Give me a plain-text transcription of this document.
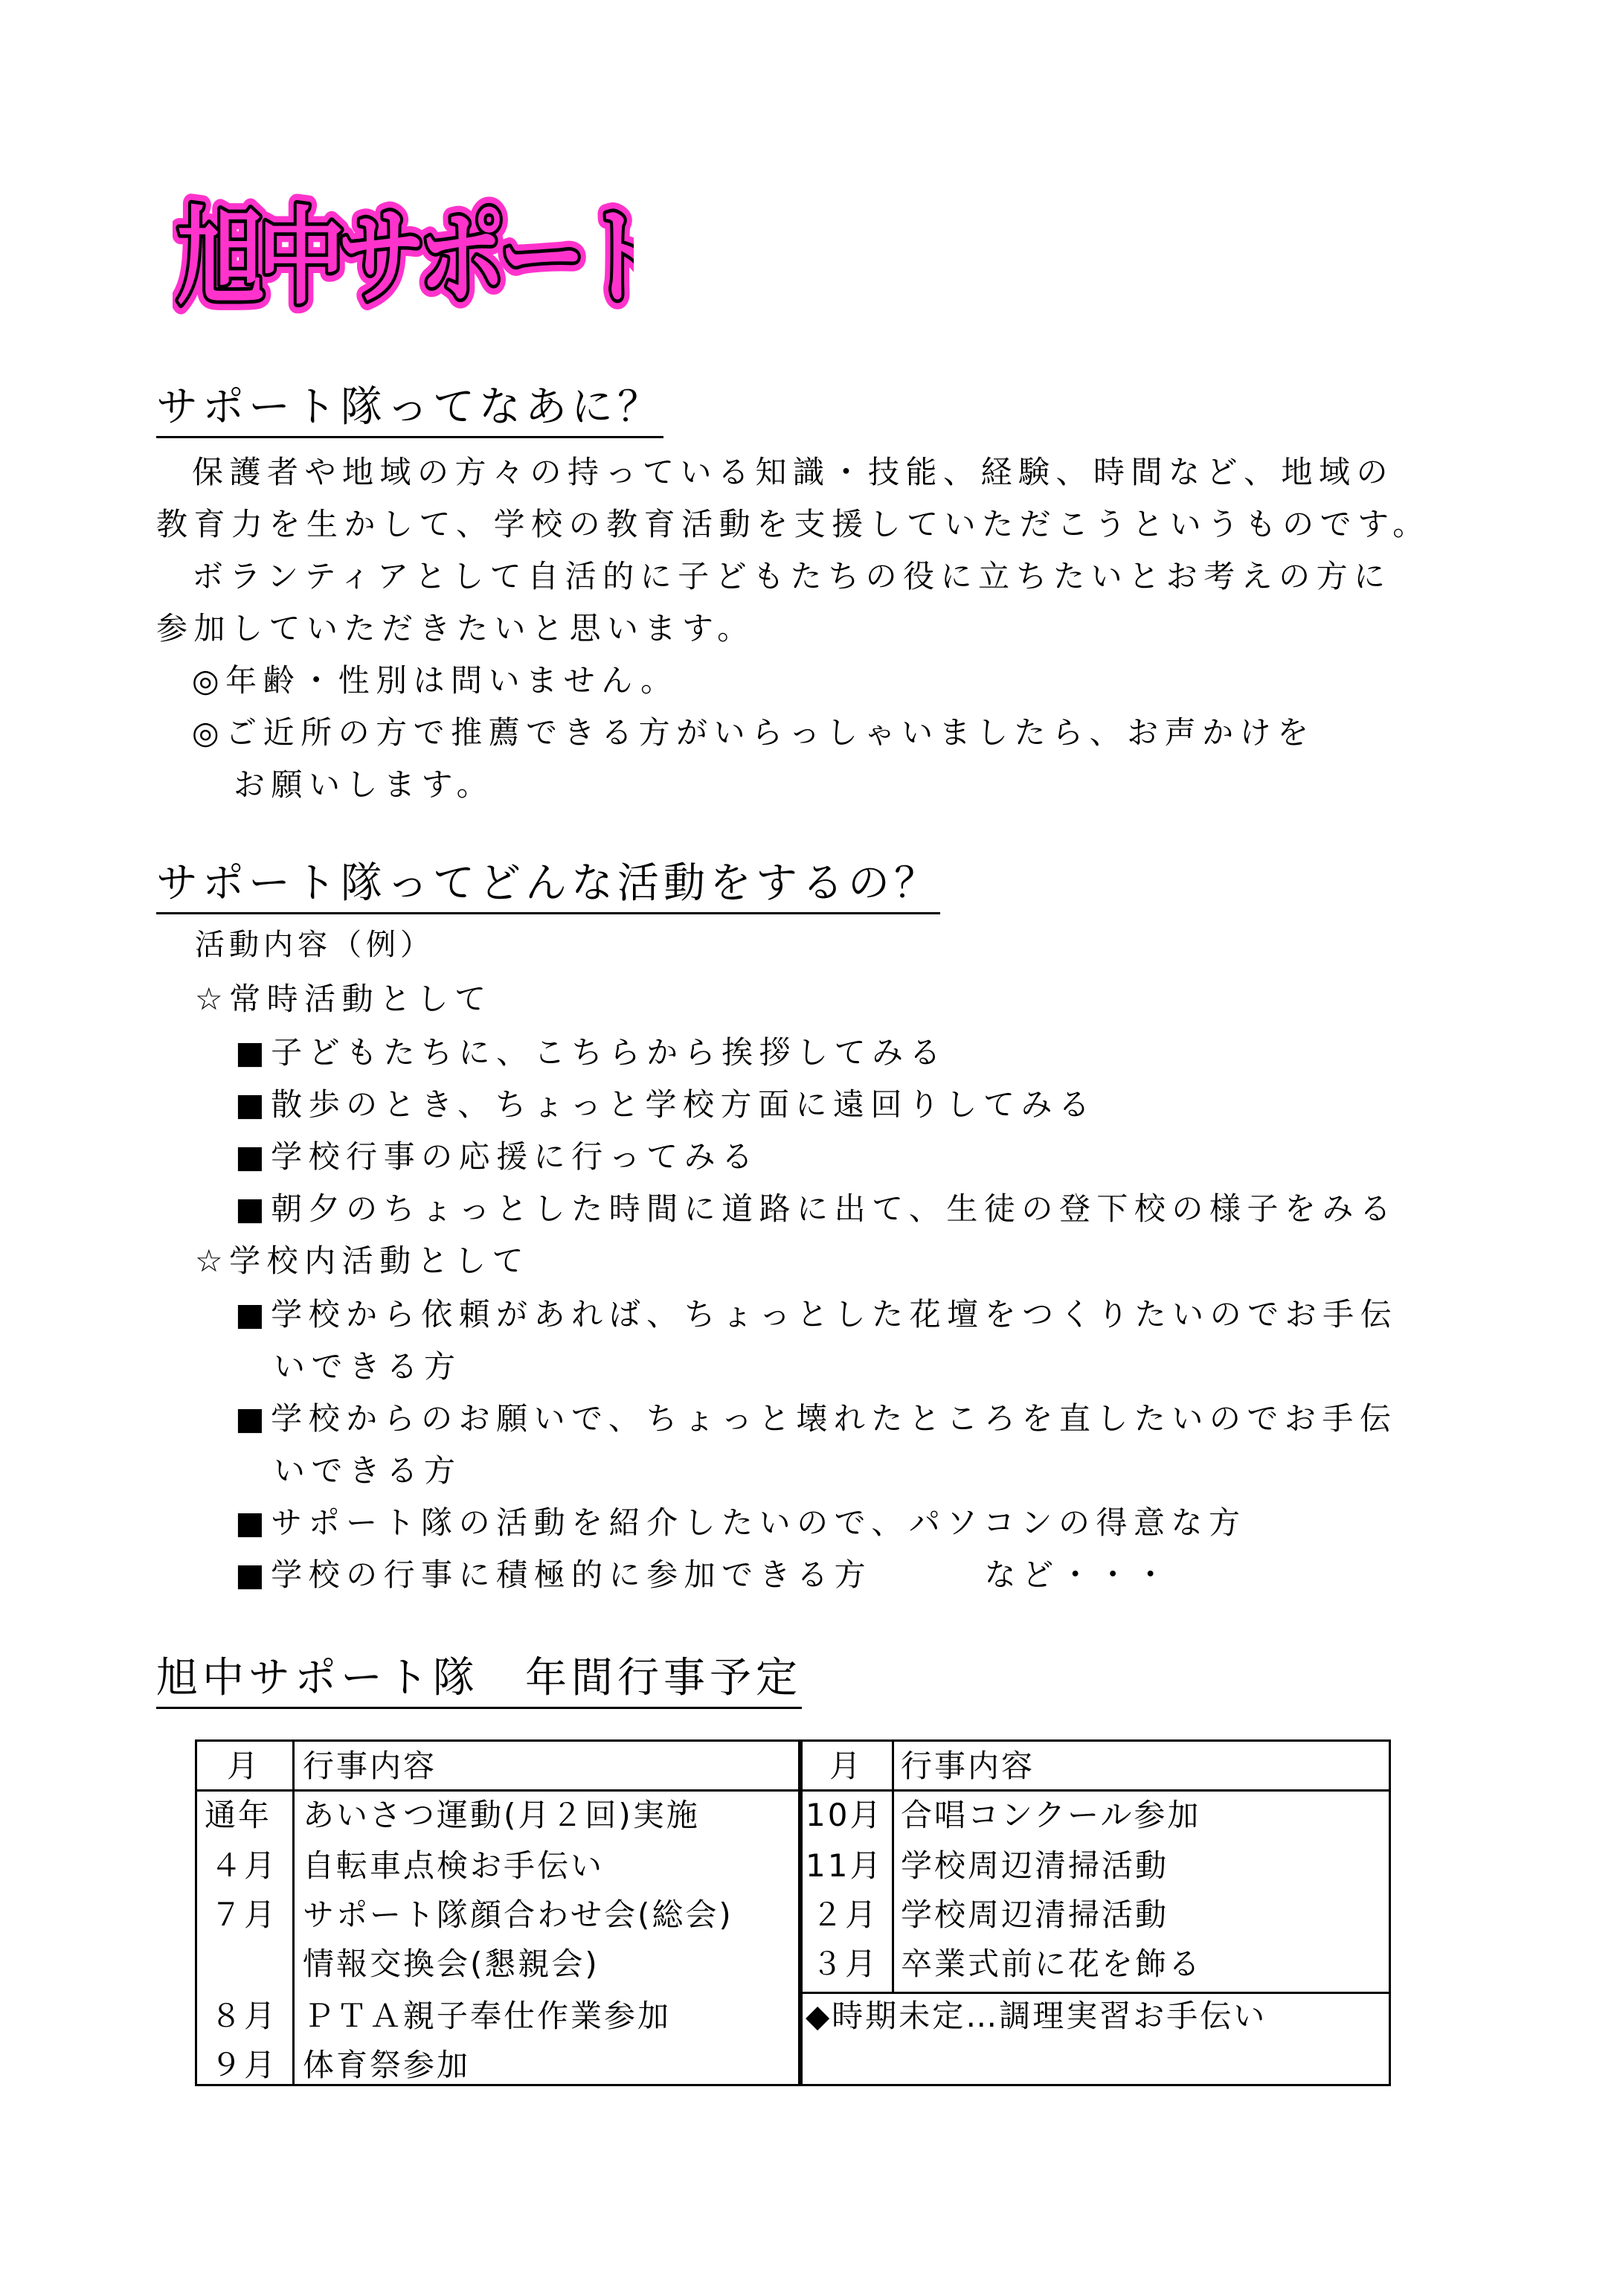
旭中サポー
旭中サポー
旭中サポー
サポート隊ってなあに？
保護者や地域の方々の持っている知識・技能、経験、時間など、地域の
教育力を生かして、学校の教育活動を支援していただこうというものです。
ボランティアとして自活的に子どもたちの役に立ちたいとお考えの方に
参加していただきたいと思います。
◎年齢・性別は問いません。
◎ご近所の方で推薦できる方がいらっしゃいましたら、お声かけを
お願いします。
サポート隊ってどんな活動をするの？
活動内容（例）
☆常時活動として
■子どもたちに、こちらから挨拶してみる
■散歩のとき、ちょっと学校方面に遠回りしてみる
■学校行事の応援に行ってみる
■朝夕のちょっとした時間に道路に出て、生徒の登下校の様子をみる
☆学校内活動として
■学校から依頼があれば、ちょっとした花壇をつくりたいのでお手伝
いできる方
■学校からのお願いで、ちょっと壊れたところを直したいのでお手伝
いできる方
■サポート隊の活動を紹介したいので、パソコンの得意な方
■学校の行事に積極的に参加できる方　　　など・・・
旭中サポート隊　年間行事予定
月 行事内容	月 行事内容
通年 あいさつ運動(月２回)実施
４月 自転車点検お手伝い
７月 サポート隊顔合わせ会(総会)
情報交換会(懇親会)
８月 ＰＴＡ親子奉仕作業参加
９月 体育祭参加
10月 合唱コンクール参加
11月 学校周辺清掃活動
２月 学校周辺清掃活動
３月 卒業式前に花を飾る
◆時期未定…調理実習お手伝い
